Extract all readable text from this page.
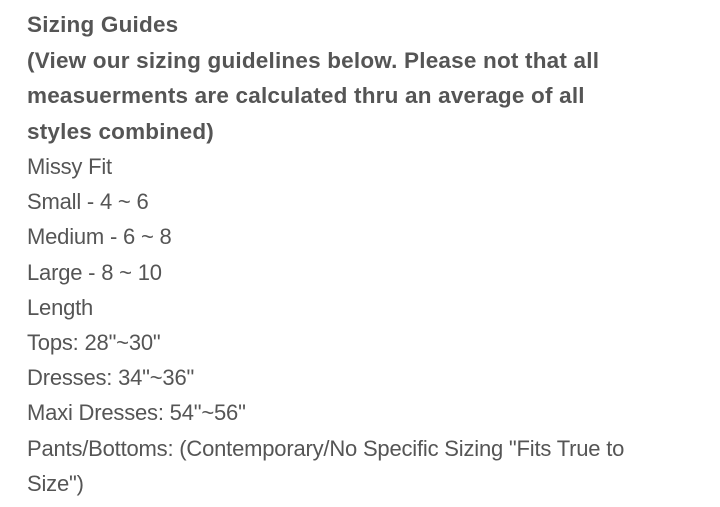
Sizing Guides
(View our sizing guidelines below. Please not that all
measuerments are calculated thru an average of all
styles combined)
Missy Fit
Small - 4 ~ 6
Medium - 6 ~ 8
Large - 8 ~ 10
Length
Tops: 28"~30"
Dresses: 34"~36"
Maxi Dresses: 54"~56"
Pants/Bottoms: (Contemporary/No Specific Sizing "Fits True to
Size")
